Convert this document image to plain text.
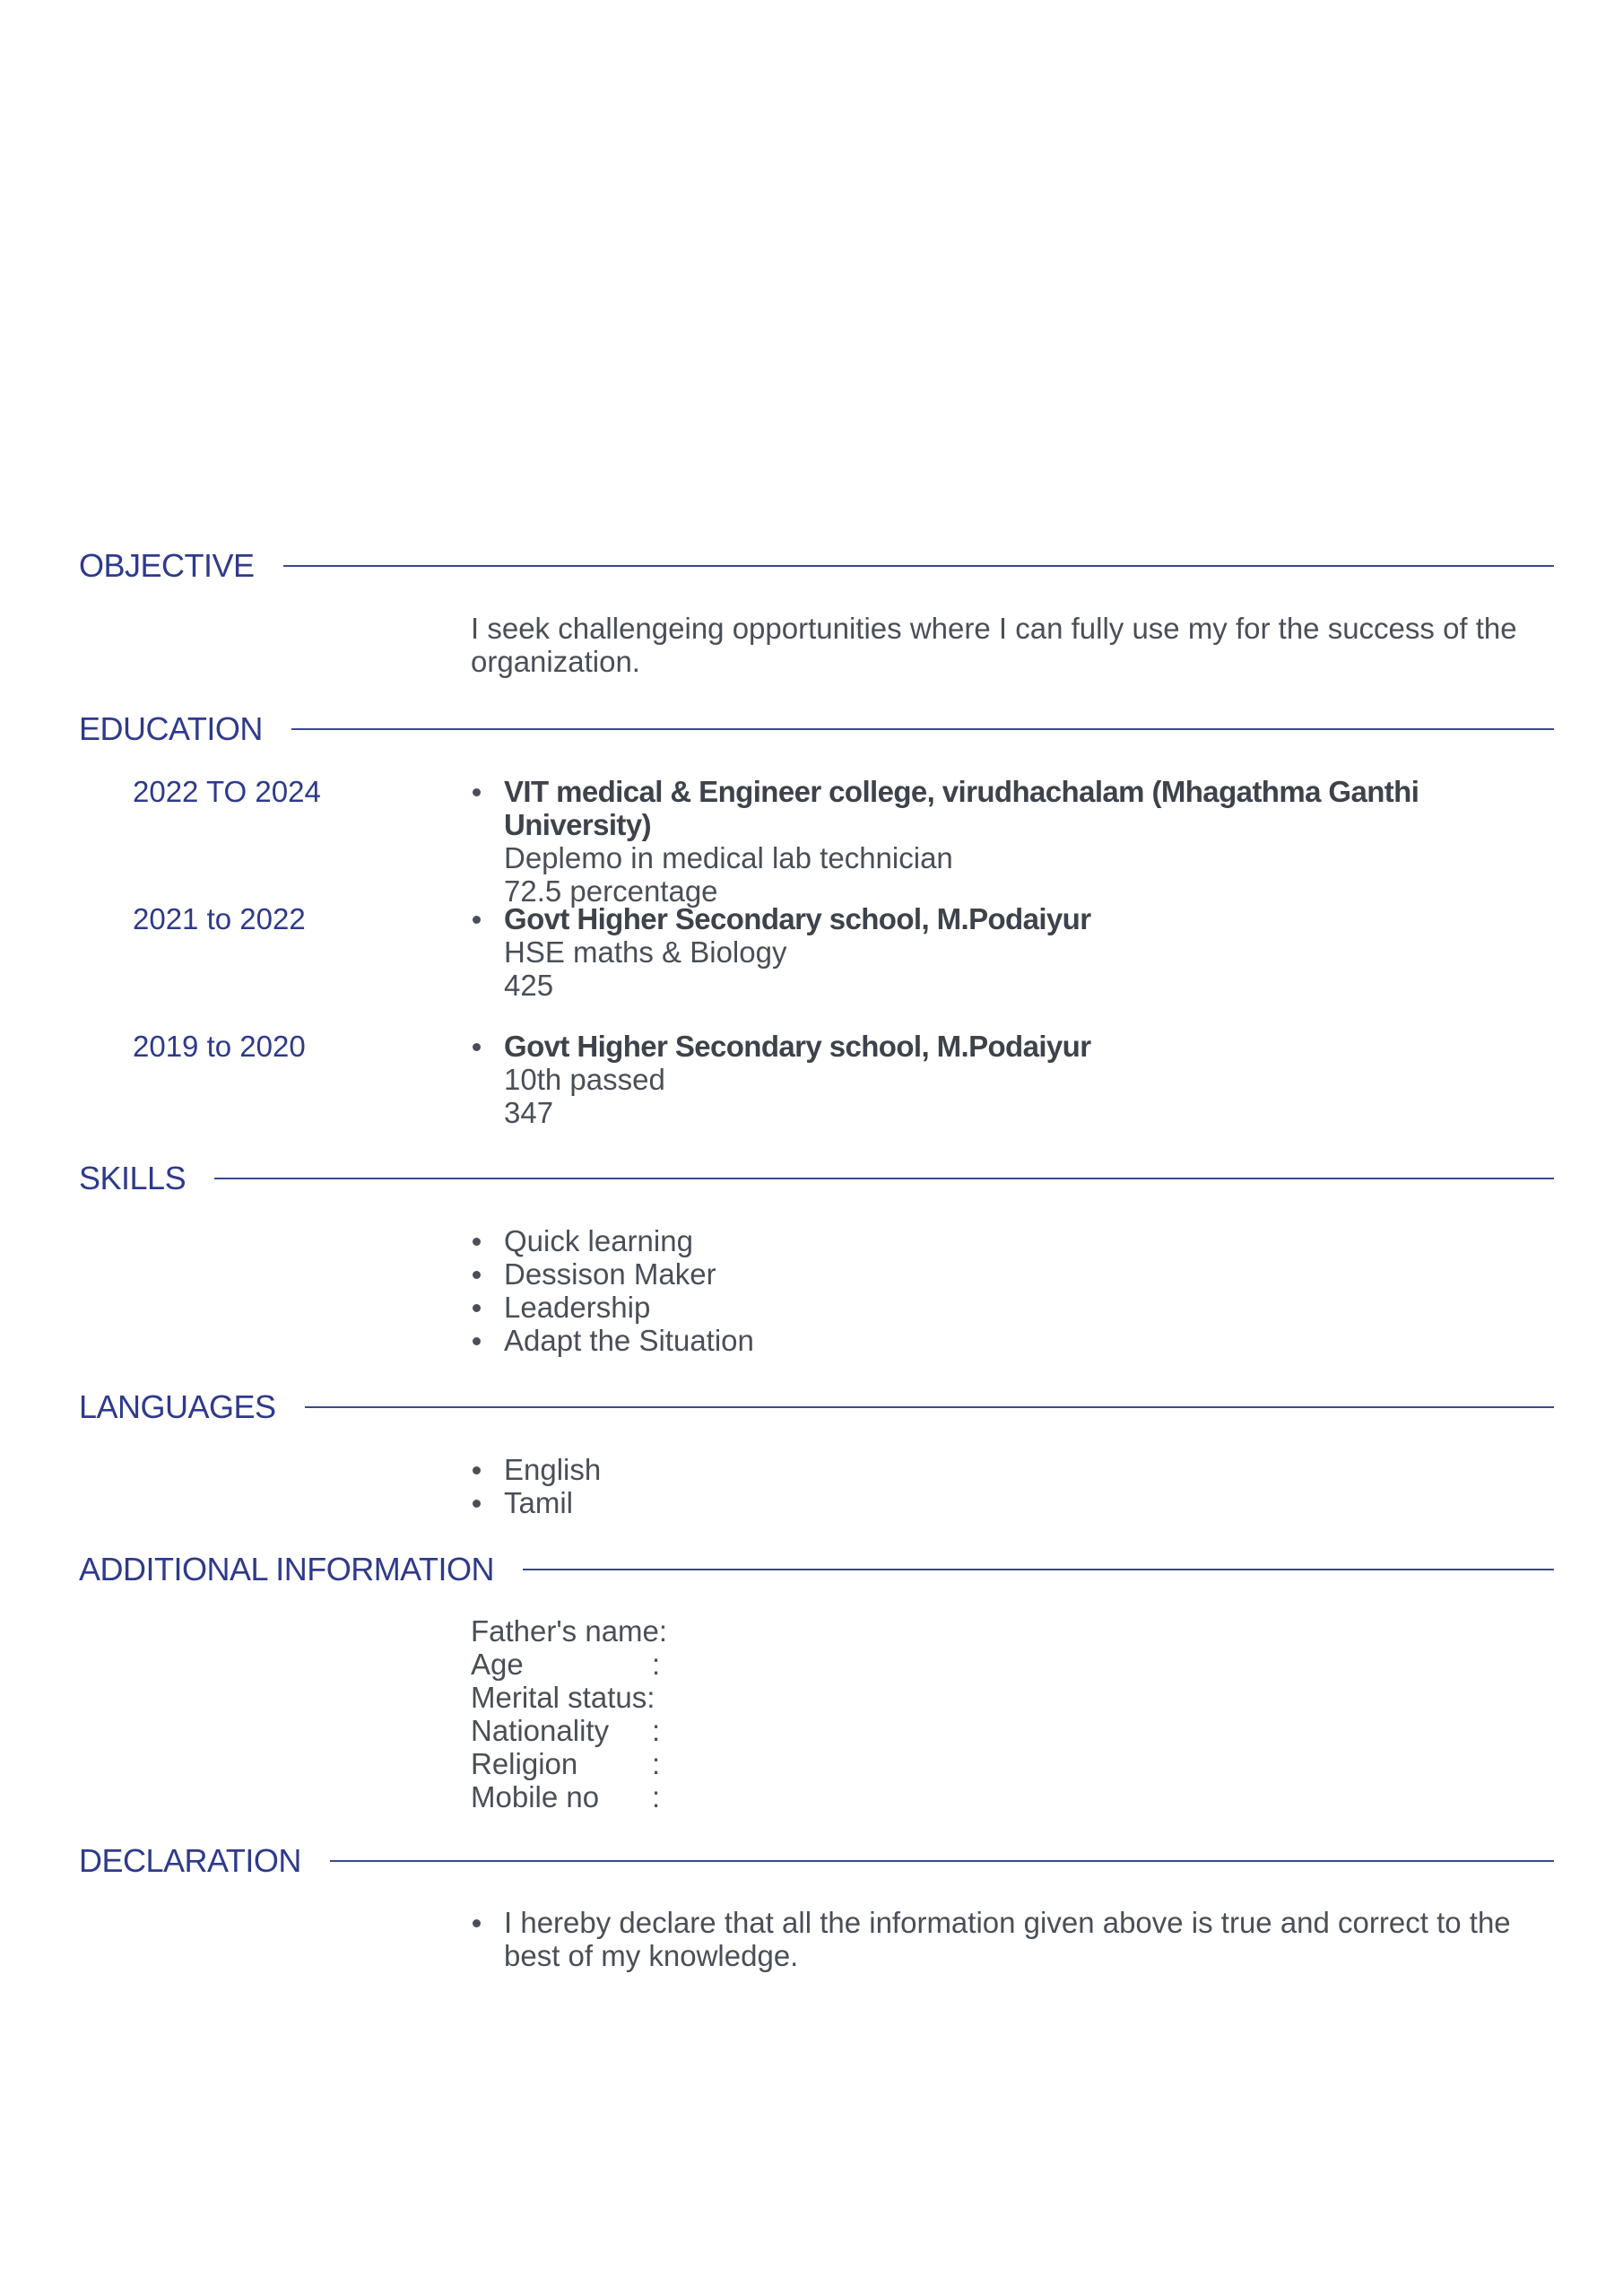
OBJECTIVE
I seek challengeing opportunities where I can fully use my for the success of the organization.
EDUCATION
2022 TO 2024	VIT medical & Engineer college, virudhachalam (Mhagathma Ganthi University)
Deplemo in medical lab technician
72.5 percentage
2021 to 2022	Govt Higher Secondary school, M.Podaiyur
HSE maths & Biology
425
2019 to 2020	Govt Higher Secondary school, M.Podaiyur
10th passed
347
SKILLS
Quick learning
Dessison Maker
Leadership
Adapt the Situation
LANGUAGES
English
Tamil
ADDITIONAL INFORMATION
Father's name :
Age	:
Merital status :
Nationality	:
Religion	:
Mobile no	:
DECLARATION
I hereby declare that all the information given above is true and correct to the best of my knowledge.
